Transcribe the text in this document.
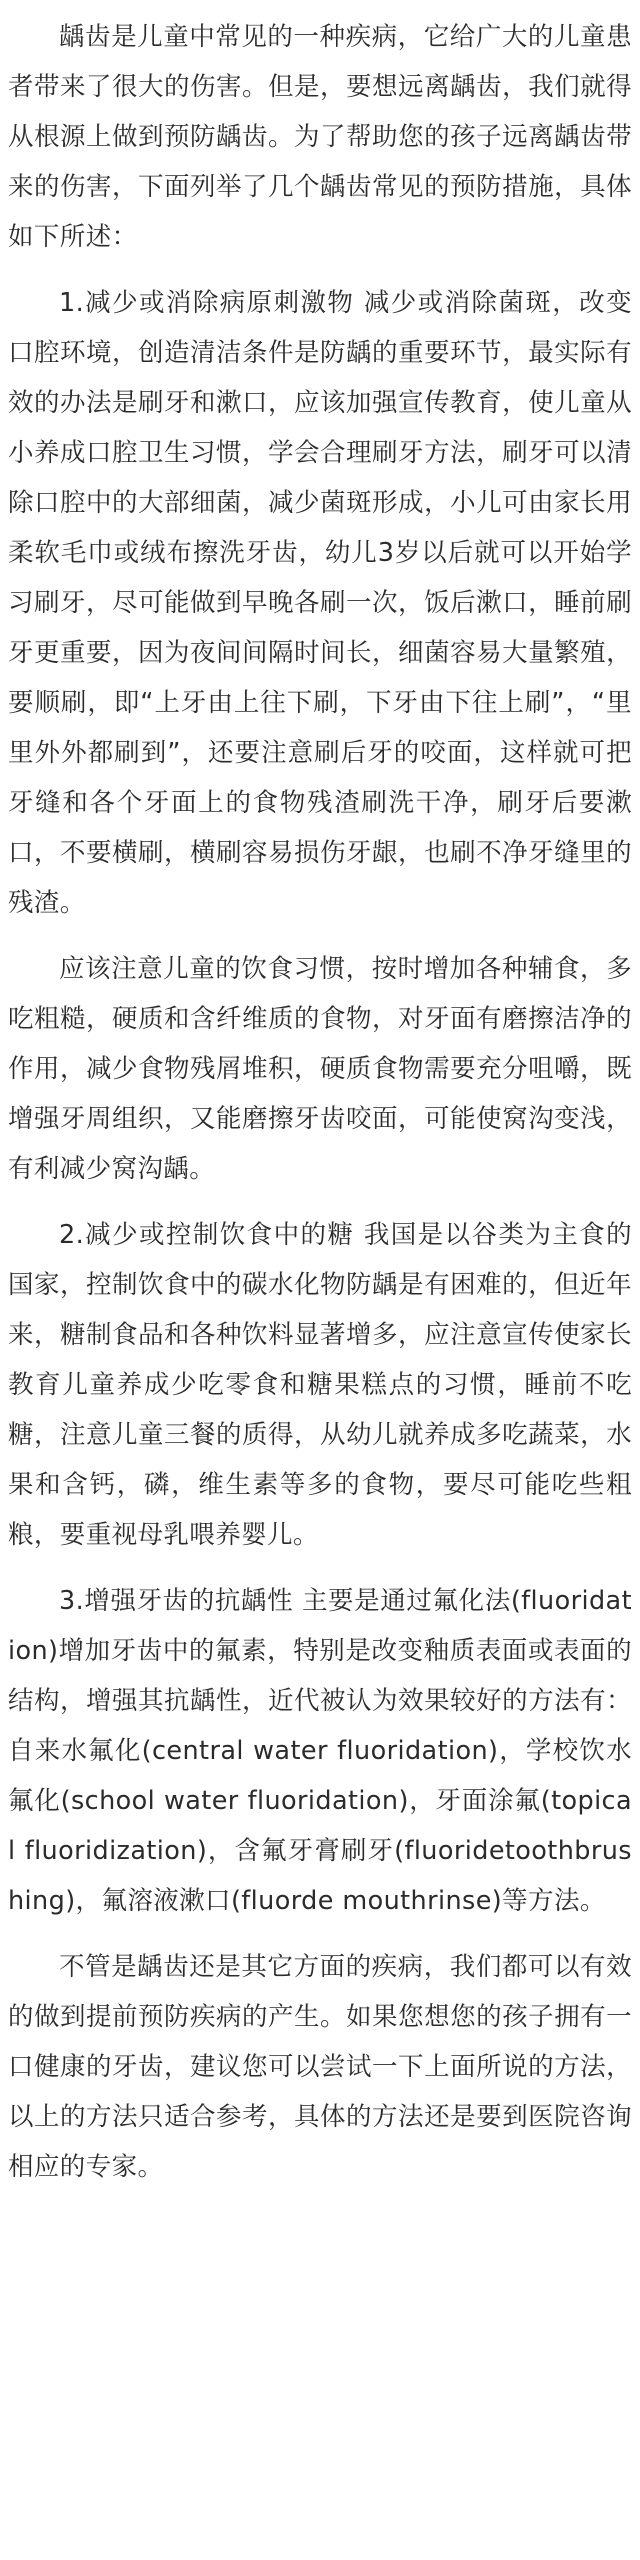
龋齿是儿童中常见的一种疾病，它给广大的儿童患者带来了很大的伤害。但是，要想远离龋齿，我们就得从根源上做到预防龋齿。为了帮助您的孩子远离龋齿带来的伤害，下面列举了几个龋齿常见的预防措施，具体如下所述：

1.减少或消除病原刺激物 减少或消除菌斑，改变口腔环境，创造清洁条件是防龋的重要环节，最实际有效的办法是刷牙和漱口，应该加强宣传教育，使儿童从小养成口腔卫生习惯，学会合理刷牙方法，刷牙可以清除口腔中的大部细菌，减少菌斑形成，小儿可由家长用柔软毛巾或绒布擦洗牙齿，幼儿3岁以后就可以开始学习刷牙，尽可能做到早晚各刷一次，饭后漱口，睡前刷牙更重要，因为夜间间隔时间长，细菌容易大量繁殖，要顺刷，即“上牙由上往下刷，下牙由下往上刷”，“里里外外都刷到”，还要注意刷后牙的咬面，这样就可把牙缝和各个牙面上的食物残渣刷洗干净，刷牙后要漱口，不要横刷，横刷容易损伤牙龈，也刷不净牙缝里的残渣。

应该注意儿童的饮食习惯，按时增加各种辅食，多吃粗糙，硬质和含纤维质的食物，对牙面有磨擦洁净的作用，减少食物残屑堆积，硬质食物需要充分咀嚼，既增强牙周组织，又能磨擦牙齿咬面，可能使窝沟变浅，有利减少窝沟龋。

2.减少或控制饮食中的糖 我国是以谷类为主食的国家，控制饮食中的碳水化物防龋是有困难的，但近年来，糖制食品和各种饮料显著增多，应注意宣传使家长教育儿童养成少吃零食和糖果糕点的习惯，睡前不吃糖，注意儿童三餐的质得，从幼儿就养成多吃蔬菜，水果和含钙，磷，维生素等多的食物，要尽可能吃些粗粮，要重视母乳喂养婴儿。

3.增强牙齿的抗龋性 主要是通过氟化法(fluoridation)增加牙齿中的氟素，特别是改变釉质表面或表面的结构，增强其抗龋性，近代被认为效果较好的方法有：自来水氟化(central water fluoridation)，学校饮水氟化(school water fluoridation)，牙面涂氟(topical fluoridization)，含氟牙膏刷牙(fluoridetoothbrushing)，氟溶液漱口(fluorde mouthrinse)等方法。

不管是龋齿还是其它方面的疾病，我们都可以有效的做到提前预防疾病的产生。如果您想您的孩子拥有一口健康的牙齿，建议您可以尝试一下上面所说的方法，以上的方法只适合参考，具体的方法还是要到医院咨询相应的专家。
